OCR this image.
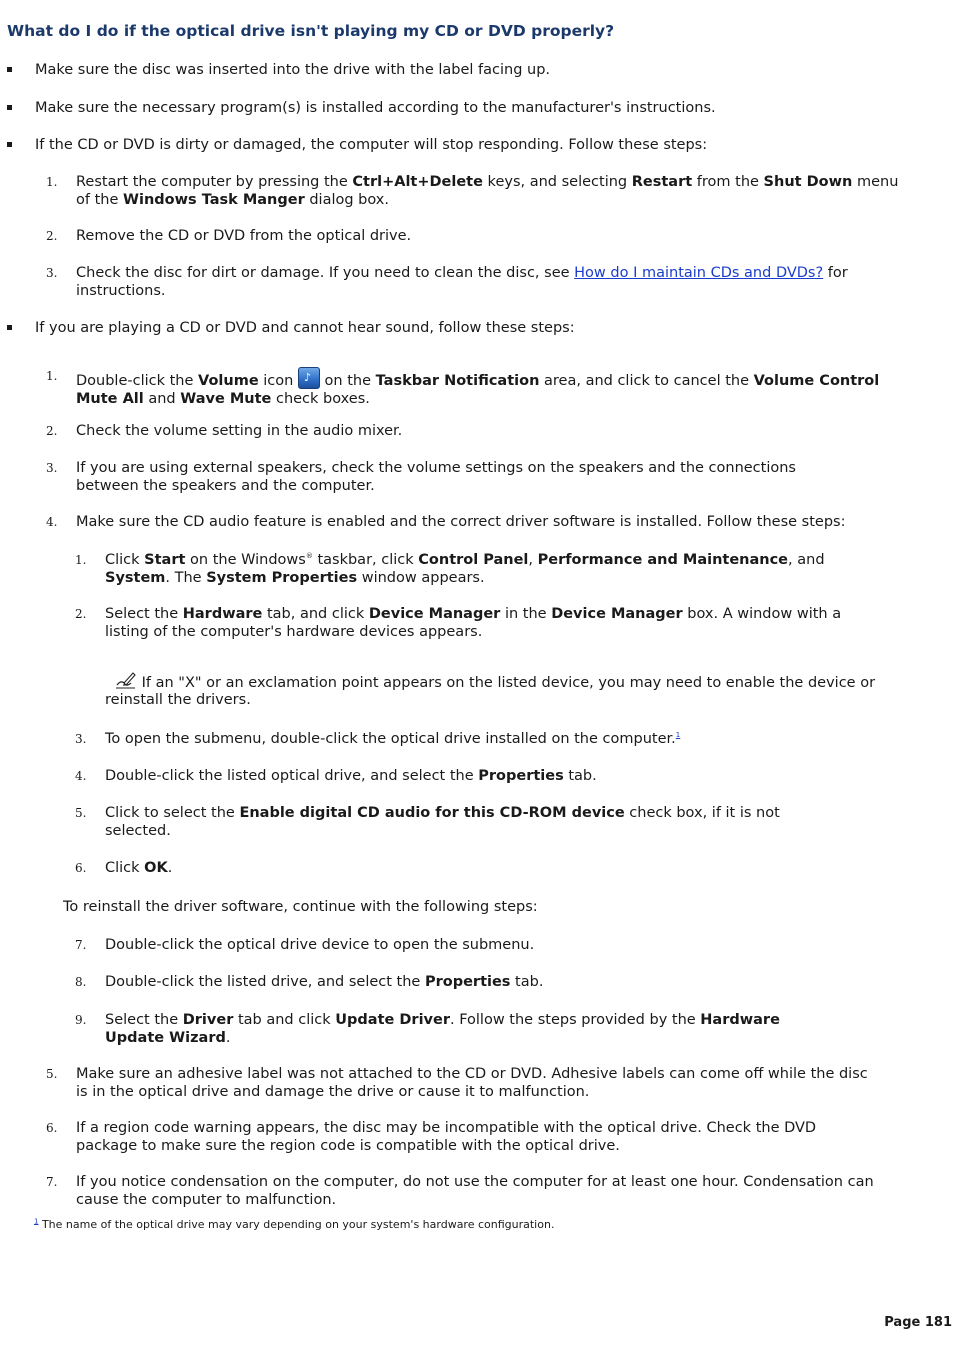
What do I do if the optical drive isn't playing my CD or DVD properly?
Make sure the disc was inserted into the drive with the label facing up.
Make sure the necessary program(s) is installed according to the manufacturer's instructions.
If the CD or DVD is dirty or damaged, the computer will stop responding. Follow these steps:
1. Restart the computer by pressing the Ctrl+Alt+Delete keys, and selecting Restart from the Shut Down menu of the Windows Task Manger dialog box.
2. Remove the CD or DVD from the optical drive.
3. Check the disc for dirt or damage. If you need to clean the disc, see How do I maintain CDs and DVDs? for instructions.
If you are playing a CD or DVD and cannot hear sound, follow these steps:
1. Double-click the Volume icon ♪ on the Taskbar Notification area, and click to cancel the Volume Control Mute All and Wave Mute check boxes.
2. Check the volume setting in the audio mixer.
3. If you are using external speakers, check the volume settings on the speakers and the connections between the speakers and the computer.
4. Make sure the CD audio feature is enabled and the correct driver software is installed. Follow these steps:
1. Click Start on the Windows® taskbar, click Control Panel, Performance and Maintenance, and System. The System Properties window appears.
2. Select the Hardware tab, and click Device Manager in the Device Manager box. A window with a listing of the computer's hardware devices appears.
If an "X" or an exclamation point appears on the listed device, you may need to enable the device or reinstall the drivers.
3. To open the submenu, double-click the optical drive installed on the computer.$^1$
4. Double-click the listed optical drive, and select the Properties tab.
5. Click to select the Enable digital CD audio for this CD-ROM device check box, if it is not selected.
6. Click OK.
To reinstall the driver software, continue with the following steps:
7. Double-click the optical drive device to open the submenu.
8. Double-click the listed drive, and select the Properties tab.
9. Select the Driver tab and click Update Driver. Follow the steps provided by the Hardware Update Wizard.
5. Make sure an adhesive label was not attached to the CD or DVD. Adhesive labels can come off while the disc is in the optical drive and damage the drive or cause it to malfunction.
6. If a region code warning appears, the disc may be incompatible with the optical drive. Check the DVD package to make sure the region code is compatible with the optical drive.
7. If you notice condensation on the computer, do not use the computer for at least one hour. Condensation can cause the computer to malfunction.
$^1$ The name of the optical drive may vary depending on your system's hardware configuration.
Page 181
